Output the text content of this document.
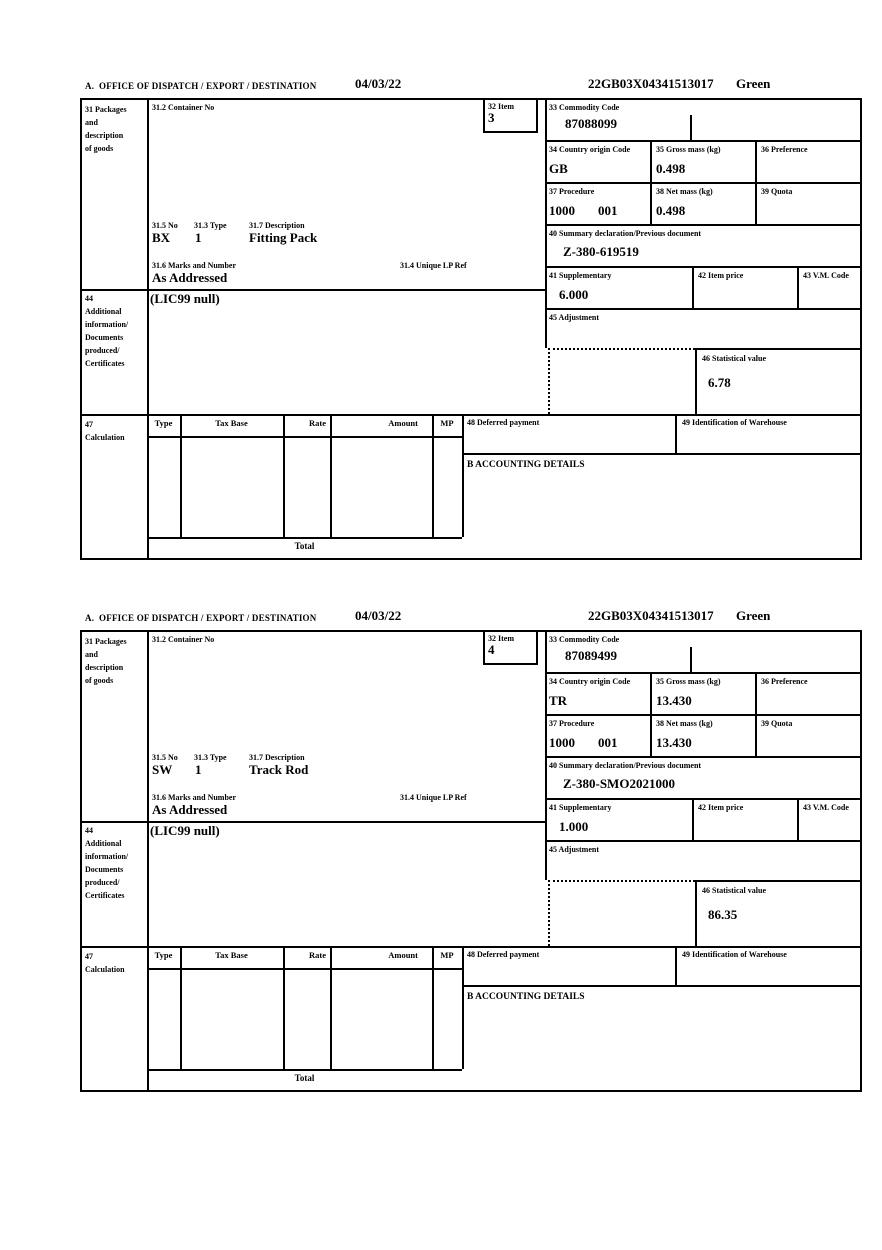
A.  OFFICE OF DISPATCH / EXPORT / DESTINATION	04/03/22	22GB03X04341513017 Green
31 Packages
and
description
of goods
31.2 Container No	32 Item
3
31.5 No 31.3 Type	31.7 Description
BX 1	Fitting Pack
31.6 Marks and Number	31.4 Unique LP Ref
As Addressed
44
Additional
information/
Documents
produced/
Certificates
(LIC99 null)
33 Commodity Code
87088099
34 Country origin Code
GB
35 Gross mass (kg)
0.498
36 Preference
37 Procedure
1000 001
38 Net mass (kg)
0.498
39 Quota
40 Summary declaration/Previous document
Z-380-619519
41 Supplementary
6.000
42 Item price	43 V.M. Code
45 Adjustment
46 Statistical value
6.78
47
Calculation
Type	Tax Base	Rate	Amount	MP
Total
48 Deferred payment	49 Identification of Warehouse
B ACCOUNTING DETAILS
A.  OFFICE OF DISPATCH / EXPORT / DESTINATION	04/03/22	22GB03X04341513017 Green
31 Packages
and
description
of goods
31.2 Container No	32 Item
4
31.5 No 31.3 Type	31.7 Description
SW 1	Track Rod
31.6 Marks and Number	31.4 Unique LP Ref
As Addressed
44
Additional
information/
Documents
produced/
Certificates
(LIC99 null)
33 Commodity Code
87089499
34 Country origin Code
TR
35 Gross mass (kg)
13.430
36 Preference
37 Procedure
1000 001
38 Net mass (kg)
13.430
39 Quota
40 Summary declaration/Previous document
Z-380-SMO2021000
41 Supplementary
1.000
42 Item price	43 V.M. Code
45 Adjustment
46 Statistical value
86.35
47
Calculation
Type	Tax Base	Rate	Amount	MP
Total
48 Deferred payment	49 Identification of Warehouse
B ACCOUNTING DETAILS
